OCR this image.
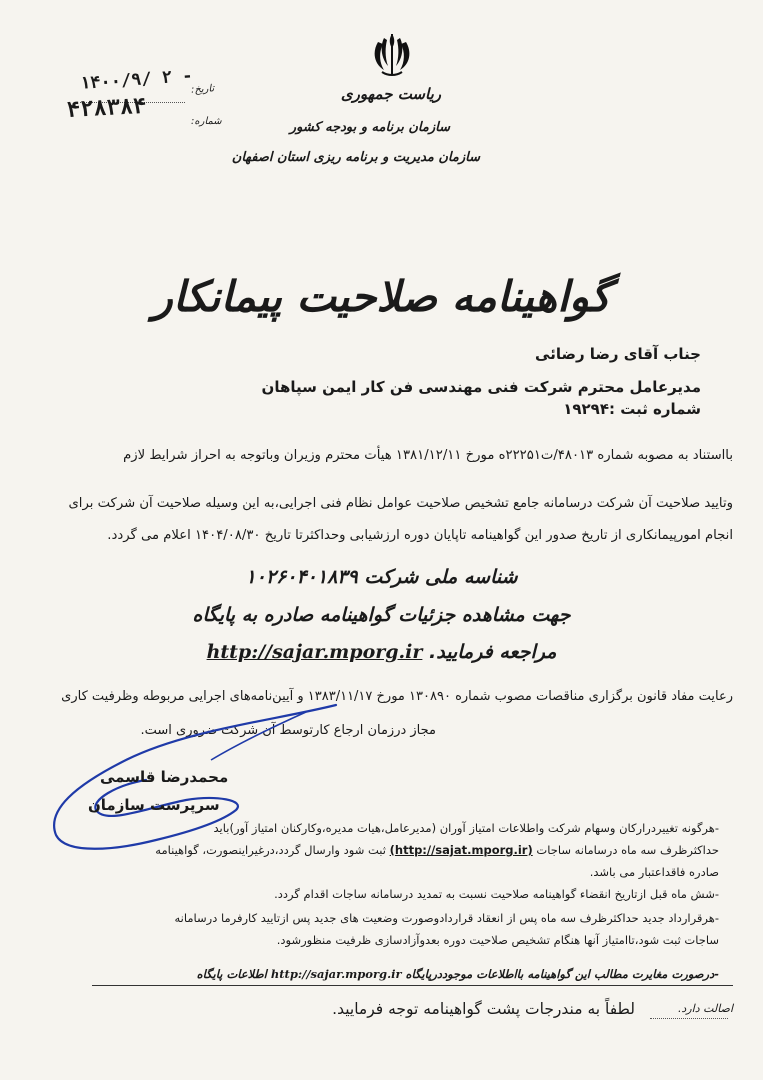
ریاست جمهوری
سازمان برنامه و بودجه کشور
سازمان مدیریت و برنامه ریزی استان اصفهان
تاریخ:
۱۴۰۰/۹/ ۲ -
شماره:
۴۲۸۳۸۴
گواهینامه صلاحیت پیمانکار
جناب آقای رضا رضائی
مدیرعامل محترم شرکت فنی مهندسی فن کار ایمن سپاهان
شماره ثبت :۱۹۲۹۴
بااستناد به مصوبه شماره ۴۸۰۱۳/ت۲۲۲۵۱ه مورخ ۱۳۸۱/۱۲/۱۱ هیأت محترم وزیران وباتوجه به احراز شرایط لازم
وتایید صلاحیت آن شرکت درسامانه جامع تشخیص صلاحیت عوامل نظام فنی اجرایی،به این وسیله صلاحیت آن شرکت برای
انجام امورپیمانکاری از تاریخ صدور این گواهینامه تاپایان دوره ارزشیابی وحداکثرتا تاریخ ۱۴۰۴/۰۸/۳۰ اعلام می گردد.
شناسه ملی شرکت ۱۰۲۶۰۴۰۱۸۳۹
جهت مشاهده جزئیات گواهینامه صادره به پایگاه
مراجعه فرمایید. http://sajar.mporg.ir
رعایت مفاد قانون برگزاری مناقصات مصوب شماره ۱۳۰۸۹۰ مورخ ۱۳۸۳/۱۱/۱۷ و آیین‌نامه‌های اجرایی مربوطه وظرفیت کاری
مجاز درزمان ارجاع کارتوسط آن شرکت ضروری است.
محمدرضا قاسمی
سرپرست سازمان
-هرگونه تغییردرارکان وسهام شرکت واطلاعات امتیاز آوران (مدیرعامل،هیات مدیره،وکارکنان امتیاز آور)باید
حداکثرظرف سه ماه درسامانه ساجات (http://sajat.mporg.ir) ثبت شود وارسال گردد،درغیراینصورت، گواهینامه
صادره فاقداعتبار می باشد.
-شش ماه قبل ازتاریخ انقضاء گواهینامه صلاحیت نسبت به تمدید درسامانه ساجات اقدام گردد.
-هرقرارداد جدید حداکثرظرف سه ماه پس از انعقاد قراردادوصورت وضعیت های جدید پس ازتایید کارفرما درسامانه
ساجات ثبت شود،تاامتیاز آنها هنگام تشخیص صلاحیت دوره بعدوآزادسازی ظرفیت منظورشود.
-درصورت مغایرت مطالب این گواهینامه بااطلاعات موجوددرپایگاه http://sajar.mporg.ir اطلاعات پایگاه
اصالت دارد.
لطفاً به مندرجات پشت گواهینامه توجه فرمایید.
